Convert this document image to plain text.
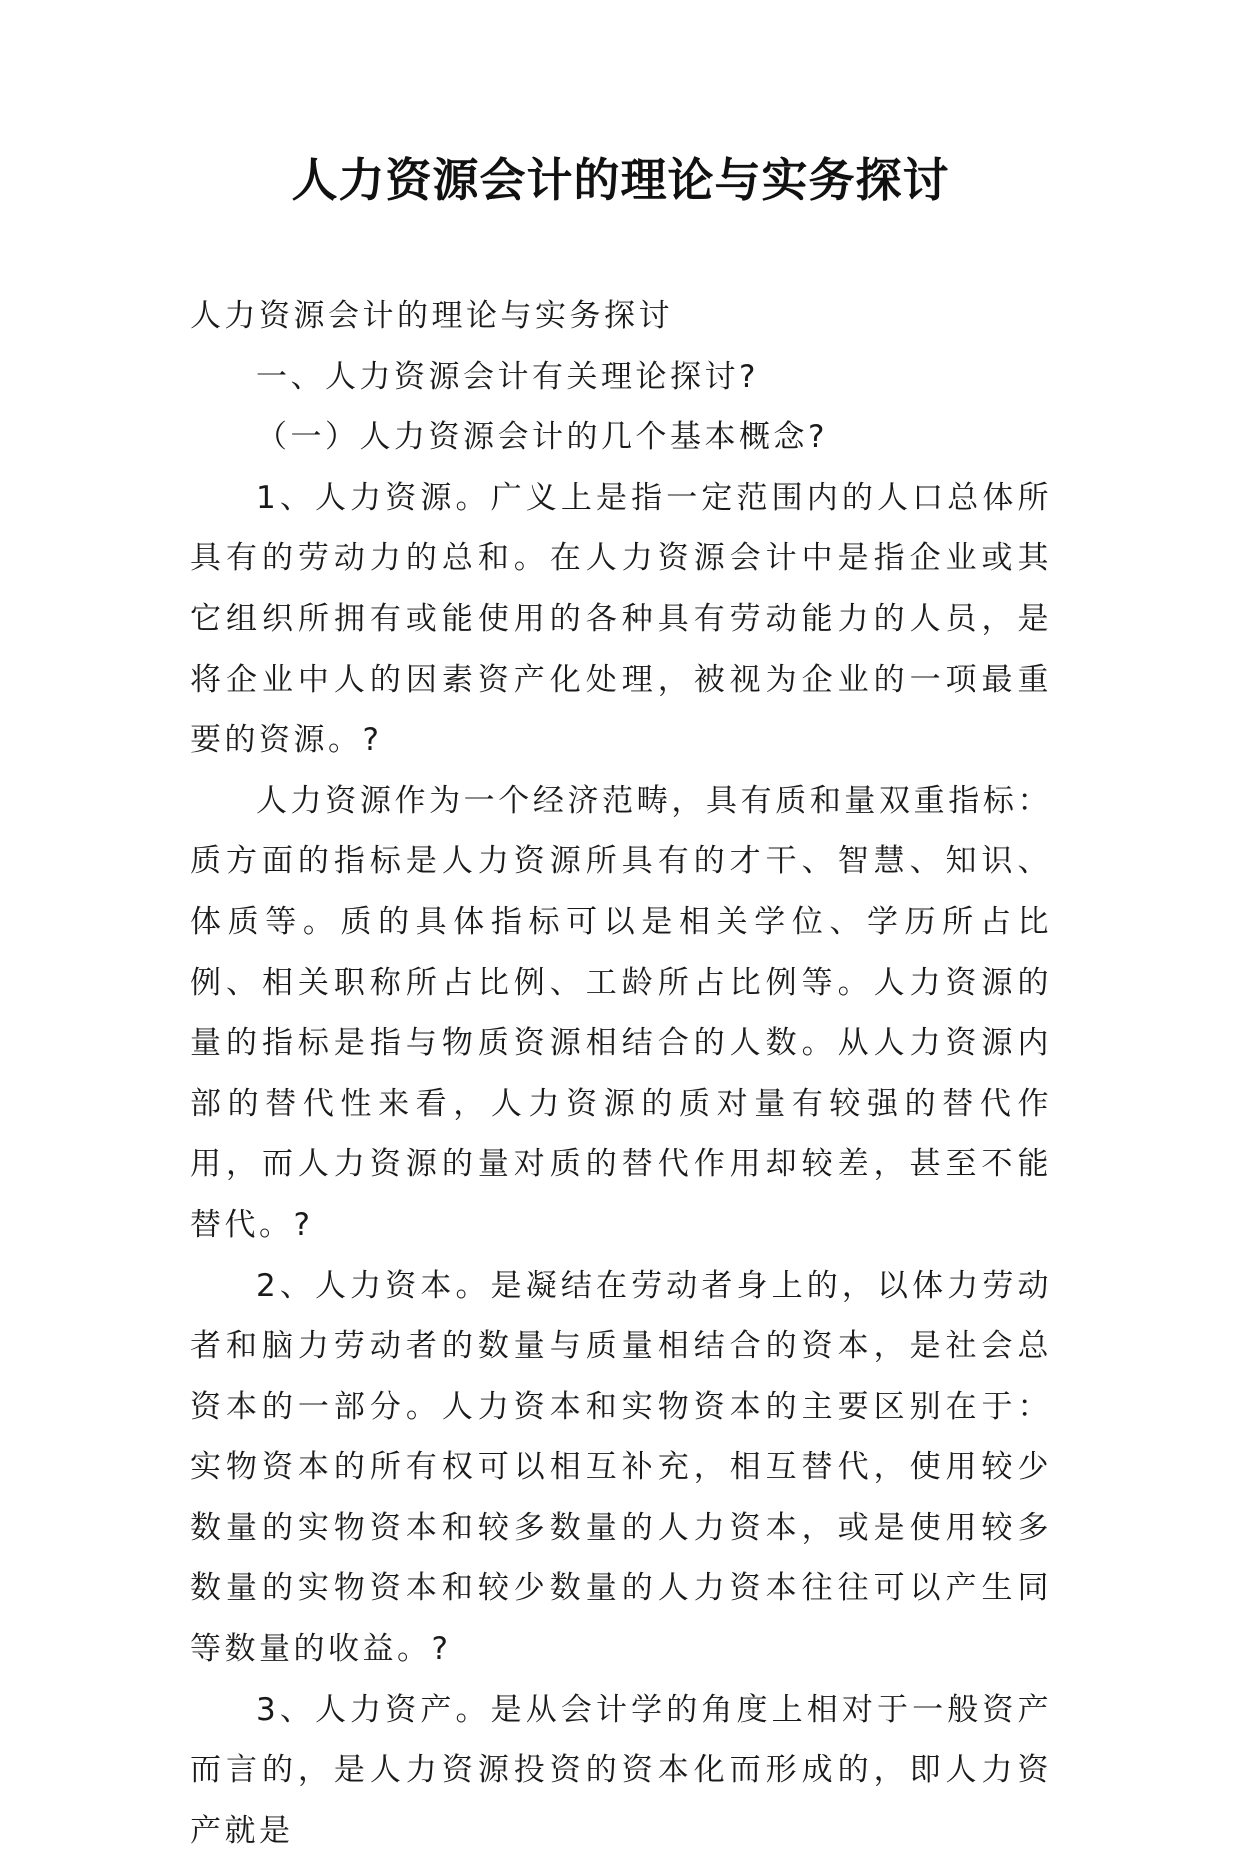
人力资源会计的理论与实务探讨

人力资源会计的理论与实务探讨

一、人力资源会计有关理论探讨?

（一）人力资源会计的几个基本概念?

1、人力资源。广义上是指一定范围内的人口总体所具有的劳动力的总和。在人力资源会计中是指企业或其它组织所拥有或能使用的各种具有劳动能力的人员，是将企业中人的因素资产化处理，被视为企业的一项最重要的资源。?

人力资源作为一个经济范畴，具有质和量双重指标：质方面的指标是人力资源所具有的才干、智慧、知识、体质等。质的具体指标可以是相关学位、学历所占比例、相关职称所占比例、工龄所占比例等。人力资源的量的指标是指与物质资源相结合的人数。从人力资源内部的替代性来看，人力资源的质对量有较强的替代作用，而人力资源的量对质的替代作用却较差，甚至不能替代。?

2、人力资本。是凝结在劳动者身上的，以体力劳动者和脑力劳动者的数量与质量相结合的资本，是社会总资本的一部分。人力资本和实物资本的主要区别在于：实物资本的所有权可以相互补充，相互替代，使用较少数量的实物资本和较多数量的人力资本，或是使用较多数量的实物资本和较少数量的人力资本往往可以产生同等数量的收益。?

3、人力资产。是从会计学的角度上相对于一般资产而言的，是人力资源投资的资本化而形成的，即人力资产就是
